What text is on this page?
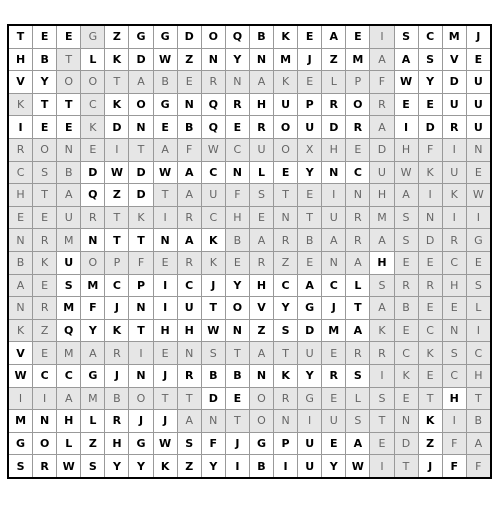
T	E	E	G	Z	G	G	D	O	Q	B	K	E	A	E	I	S	C	M	J
H	B	T	L	K	D	W	Z	N	Y	N	M	J	Z	M	A	A	S	V	E
V	Y	O	O	T	A	B	E	R	N	A	K	E	L	P	F	W	Y	D	U
K	T	T	C	K	O	G	N	Q	R	H	U	P	R	O	R	E	E	U	U
I	E	E	K	D	N	E	B	Q	E	R	O	U	D	R	A	I	D	R	U
R	O	N	E	I	T	A	F	W	C	U	O	X	H	E	D	H	F	I	N
C	S	B	D	W	D	W	A	C	N	L	E	Y	N	C	U	W	K	U	E
H	T	A	Q	Z	D	T	A	U	F	S	T	E	I	N	H	A	I	K	W
E	E	U	R	T	K	I	R	C	H	E	N	T	U	R	M	S	N	I	I
N	R	M	N	T	T	N	A	K	B	A	R	B	A	R	A	S	D	R	G
B	K	U	O	P	F	E	R	K	E	R	Z	E	N	A	H	E	E	C	E
A	E	S	M	C	P	I	C	J	Y	H	C	A	C	L	S	R	R	H	S
N	R	M	F	J	N	I	U	T	O	V	Y	G	J	T	A	B	E	E	L
K	Z	Q	Y	K	T	H	H	W	N	Z	S	D	M	A	K	E	C	N	I
V	E	M	A	R	I	E	N	S	T	A	T	U	E	R	R	C	K	S	C
W	C	C	G	J	N	J	R	B	B	N	K	Y	R	S	I	K	E	C	H
I	I	A	M	B	O	T	T	D	E	O	R	G	E	L	S	E	T	H	T
M	N	H	L	R	J	J	A	N	T	O	N	I	U	S	T	N	K	I	B
G	O	L	Z	H	G	W	S	F	J	G	P	U	E	A	E	D	Z	F	A
S	R	W	S	Y	Y	K	Z	Y	I	B	I	U	Y	W	I	T	J	F	F
